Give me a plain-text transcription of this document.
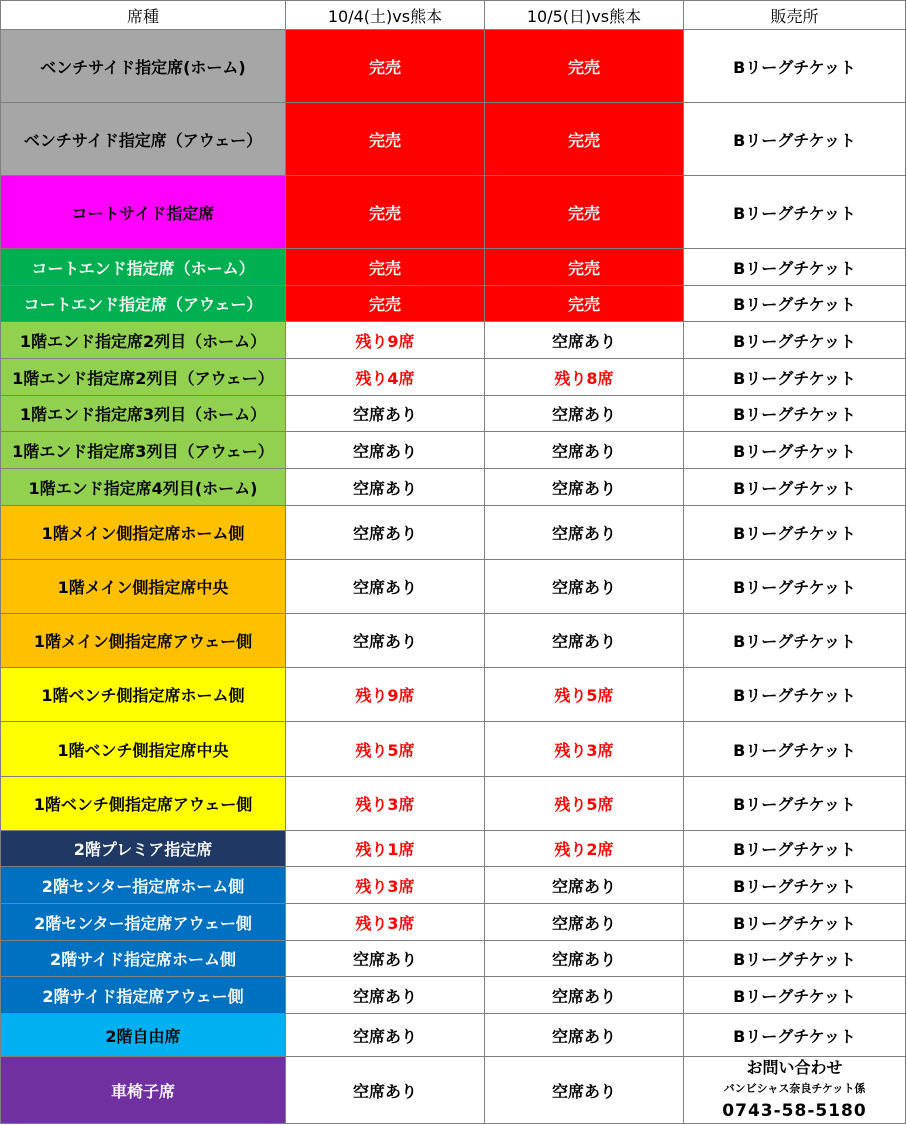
席種	10/4(土)vs熊本	10/5(日)vs熊本	販売所
ベンチサイド指定席(ホーム)	完売	完売	Bリーグチケット
ベンチサイド指定席（アウェー）	完売	完売	Bリーグチケット
コートサイド指定席	完売	完売	Bリーグチケット
コートエンド指定席（ホーム）	完売	完売	Bリーグチケット
コートエンド指定席（アウェー）	完売	完売	Bリーグチケット
1階エンド指定席2列目（ホーム）	残り9席	空席あり	Bリーグチケット
1階エンド指定席2列目（アウェー）	残り4席	残り8席	Bリーグチケット
1階エンド指定席3列目（ホーム）	空席あり	空席あり	Bリーグチケット
1階エンド指定席3列目（アウェー）	空席あり	空席あり	Bリーグチケット
1階エンド指定席4列目(ホーム)	空席あり	空席あり	Bリーグチケット
1階メイン側指定席ホーム側	空席あり	空席あり	Bリーグチケット
1階メイン側指定席中央	空席あり	空席あり	Bリーグチケット
1階メイン側指定席アウェー側	空席あり	空席あり	Bリーグチケット
1階ベンチ側指定席ホーム側	残り9席	残り5席	Bリーグチケット
1階ベンチ側指定席中央	残り5席	残り3席	Bリーグチケット
1階ベンチ側指定席アウェー側	残り3席	残り5席	Bリーグチケット
2階プレミア指定席	残り1席	残り2席	Bリーグチケット
2階センター指定席ホーム側	残り3席	空席あり	Bリーグチケット
2階センター指定席アウェー側	残り3席	空席あり	Bリーグチケット
2階サイド指定席ホーム側	空席あり	空席あり	Bリーグチケット
2階サイド指定席アウェー側	空席あり	空席あり	Bリーグチケット
2階自由席	空席あり	空席あり	Bリーグチケット
車椅子席	空席あり	空席あり	お問い合わせ
バンビシャス奈良チケット係
0743-58-5180
